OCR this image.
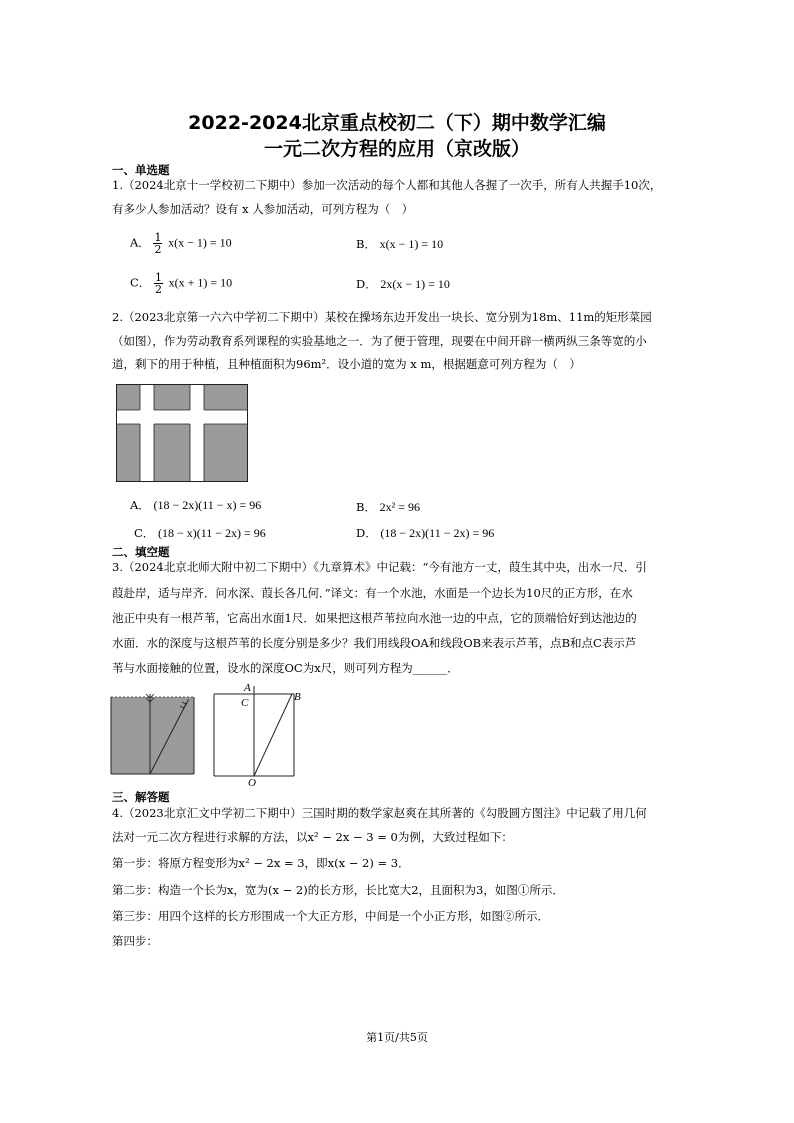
2022-2024北京重点校初二（下）期中数学汇编
一元二次方程的应用（京改版）
一、单选题
1.（2024北京十一学校初二下期中）参加一次活动的每个人都和其他人各握了一次手，所有人共握手10次，
有多少人参加活动？设有 x 人参加活动，可列方程为（　）
A． $\frac{1}{2} x(x - 1) = 10$	B． x(x − 1) = 10
C． $\frac{1}{2} x(x + 1) = 10$	D． 2x(x − 1) = 10
2.（2023北京第一六六中学初二下期中）某校在操场东边开发出一块长、宽分别为18m、11m的矩形菜园
（如图），作为劳动教育系列课程的实验基地之一．为了便于管理，现要在中间开辟一横两纵三条等宽的小
道，剩下的用于种植，且种植面积为96m²．设小道的宽为 x m，根据题意可列方程为（　）
A． (18 − 2x)(11 − x) = 96	B． 2x² = 96
C． (18 − x)(11 − 2x) = 96	D． (18 − 2x)(11 − 2x) = 96
二、填空题
3.（2024北京北师大附中初二下期中）《九章算术》中记载：“今有池方一丈，葭生其中央，出水一尺．引
葭赴岸，适与岸齐．问水深、葭长各几何．”译文：有一个水池，水面是一个边长为10尺的正方形，在水
池正中央有一根芦苇，它高出水面1尺．如果把这根芦苇拉向水池一边的中点，它的顶端恰好到达池边的
水面．水的深度与这根芦苇的长度分别是多少？我们用线段OA和线段OB来表示芦苇，点B和点C表示芦
苇与水面接触的位置，设水的深度OC为x尺，则可列方程为______．
A
C	B
O
三、解答题
4.（2023北京汇文中学初二下期中）三国时期的数学家赵爽在其所著的《勾股圆方图注》中记载了用几何
法对一元二次方程进行求解的方法，以x² − 2x − 3 = 0为例，大致过程如下：
第一步：将原方程变形为x² − 2x = 3，即x(x − 2) = 3．
第二步：构造一个长为x，宽为(x − 2)的长方形，长比宽大2，且面积为3，如图①所示．
第三步：用四个这样的长方形围成一个大正方形，中间是一个小正方形，如图②所示．
第四步：
第1页/共5页
